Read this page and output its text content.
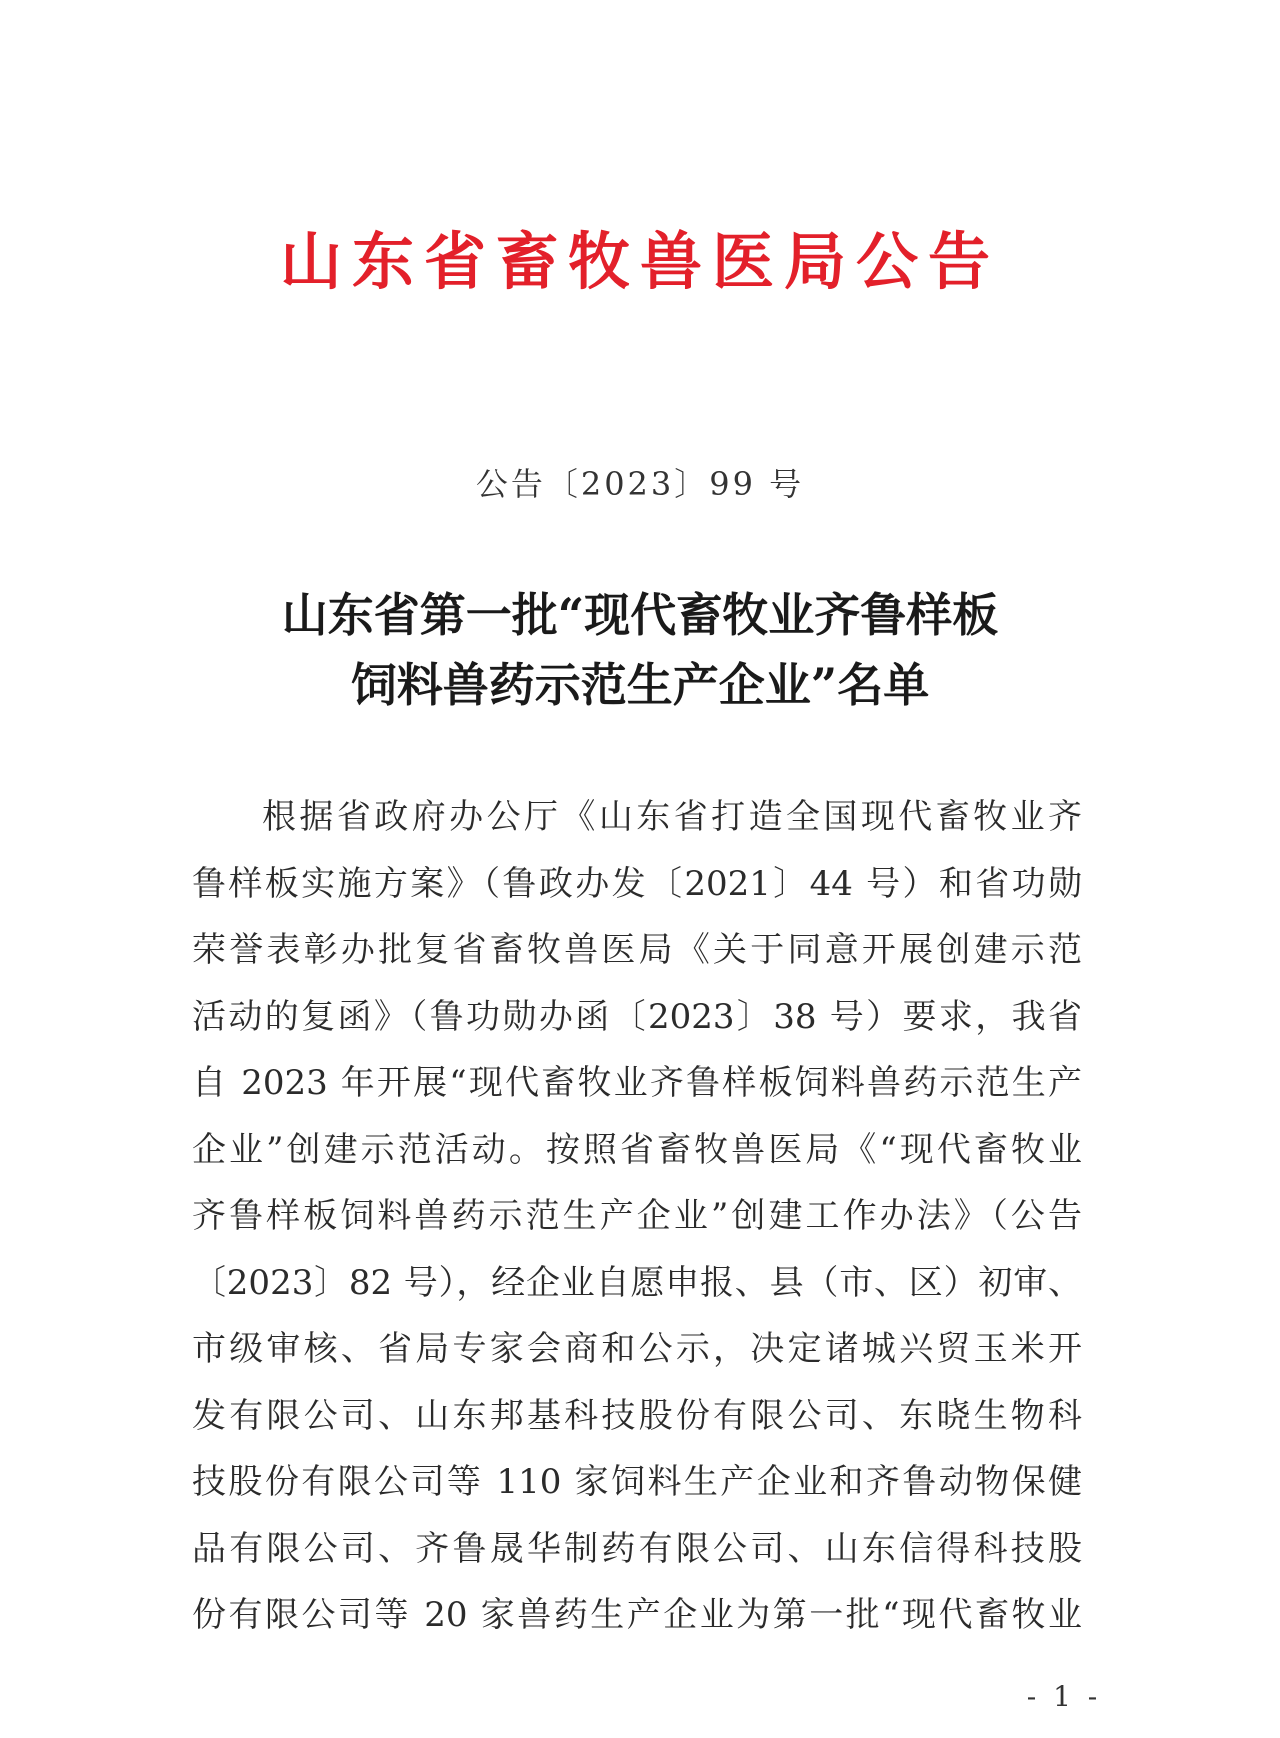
山东省畜牧兽医局公告
公告〔2023〕99 号
山东省第一批“现代畜牧业齐鲁样板
饲料兽药示范生产企业”名单
根据省政府办公厅《山东省打造全国现代畜牧业齐
鲁样板实施方案》（鲁政办发〔2021〕44 号）和省功勋
荣誉表彰办批复省畜牧兽医局《关于同意开展创建示范
活动的复函》（鲁功勋办函〔2023〕38 号）要求，我省
自 2023 年开展“现代畜牧业齐鲁样板饲料兽药示范生产
企业”创建示范活动。按照省畜牧兽医局《“现代畜牧业
齐鲁样板饲料兽药示范生产企业”创建工作办法》（公告
〔2023〕82 号），经企业自愿申报、县（市、区）初审、
市级审核、省局专家会商和公示，决定诸城兴贸玉米开
发有限公司、山东邦基科技股份有限公司、东晓生物科
技股份有限公司等 110 家饲料生产企业和齐鲁动物保健
品有限公司、齐鲁晟华制药有限公司、山东信得科技股
份有限公司等 20 家兽药生产企业为第一批“现代畜牧业
- 1 -
